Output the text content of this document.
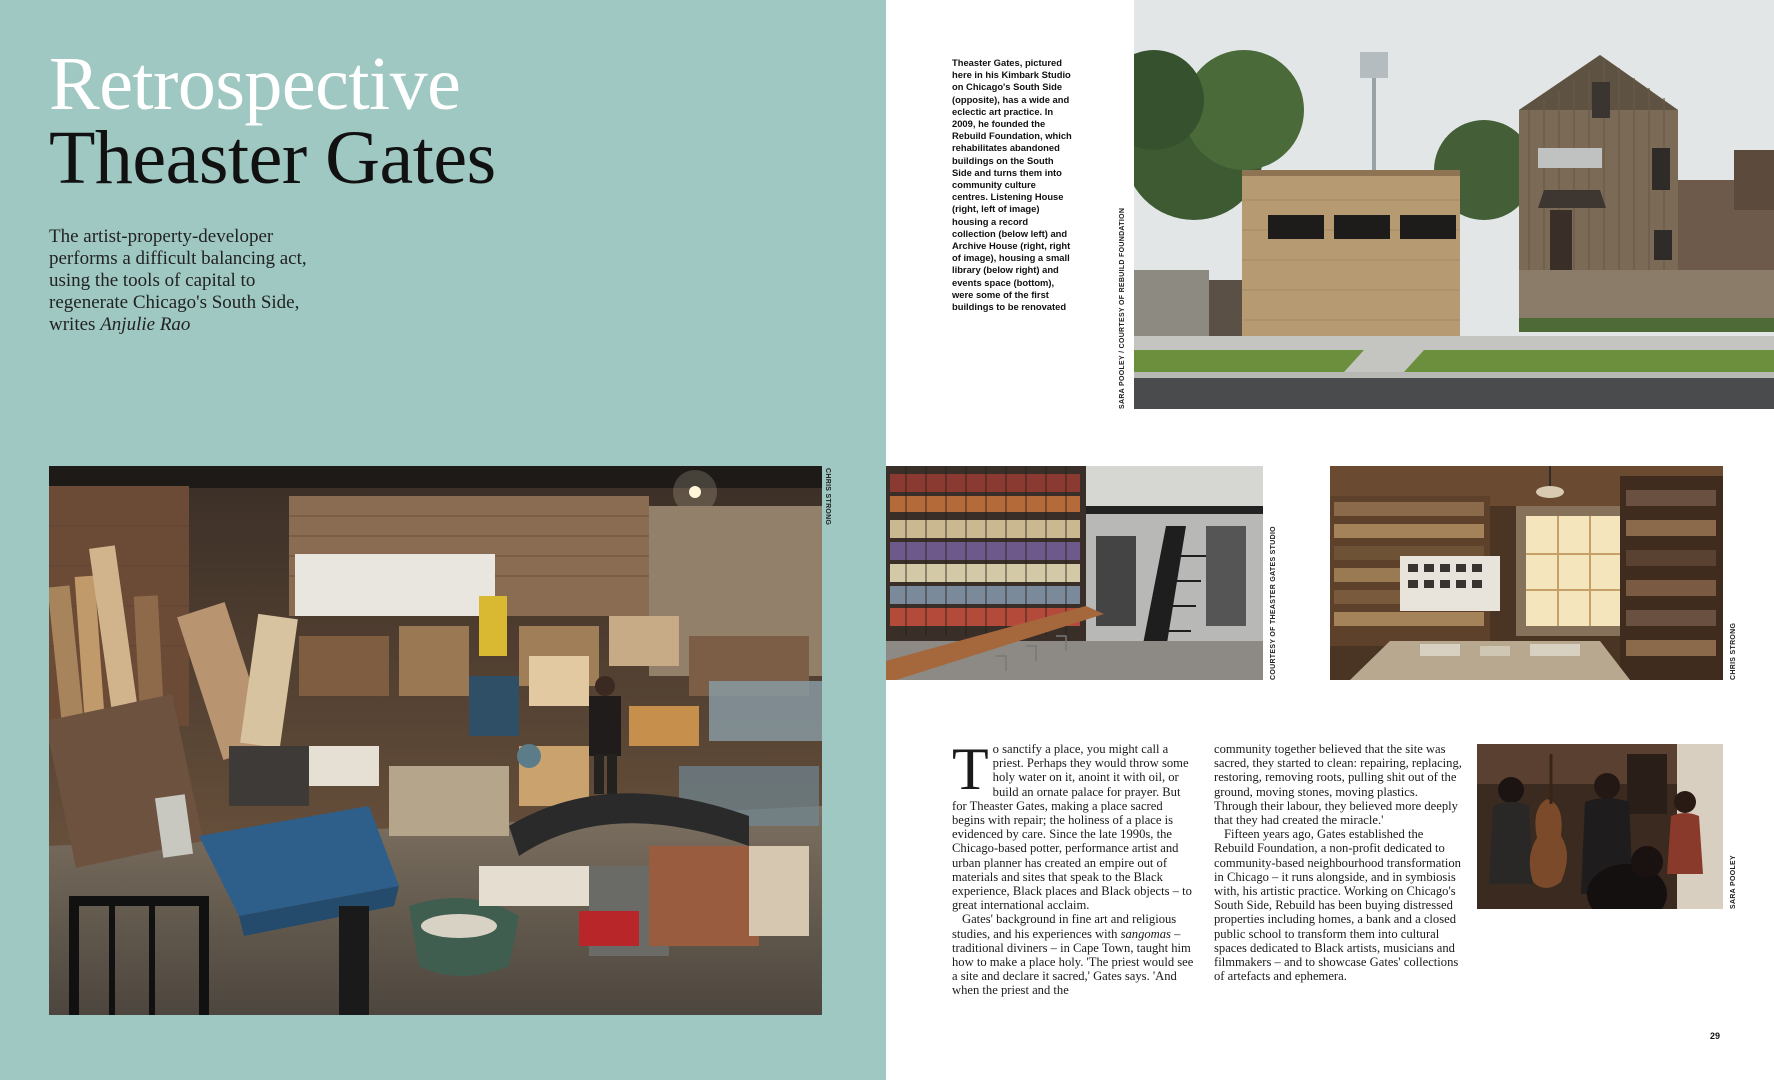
Retrospective
Theaster Gates
The artist-property-developer performs a difficult balancing act, using the tools of capital to regenerate Chicago's South Side, writes Anjulie Rao
CHRIS STRONG
Theaster Gates, pictured here in his Kimbark Studio on Chicago's South Side (opposite), has a wide and eclectic art practice. In 2009, he founded the Rebuild Foundation, which rehabilitates abandoned buildings on the South Side and turns them into community culture centres. Listening House (right, left of image) housing a record collection (below left) and Archive House (right, right of image), housing a small library (below right) and events space (bottom), were some of the first buildings to be renovated	SARA POOLEY / COURTESY OF REBUILD FOUNDATION
COURTESY OF THEASTER GATES STUDIO	CHRIS STRONG

To sanctify a place, you might call a priest. Perhaps they would throw some holy water on it, anoint it with oil, or build an ornate palace for prayer. But for Theaster Gates, making a place sacred begins with repair; the holiness of a place is evidenced by care. Since the late 1990s, the Chicago-based potter, performance artist and urban planner has created an empire out of materials and sites that speak to the Black experience, Black places and Black objects – to great international acclaim.

Gates' background in fine art and religious studies, and his experiences with sangomas – traditional diviners – in Cape Town, taught him how to make a place holy. 'The priest would see a site and declare it sacred,' Gates says. 'And when the priest and the

community together believed that the site was sacred, they started to clean: repairing, replacing, restoring, removing roots, pulling shit out of the ground, moving stones, moving plastics. Through their labour, they believed more deeply that they had created the miracle.'

Fifteen years ago, Gates established the Rebuild Foundation, a non-profit dedicated to community-based neighbourhood transformation in Chicago – it runs alongside, and in symbiosis with, his artistic practice. Working on Chicago's South Side, Rebuild has been buying distressed properties including homes, a bank and a closed public school to transform them into cultural spaces dedicated to Black artists, musicians and filmmakers – and to showcase Gates' collections of artefacts and ephemera.

SARA POOLEY
29
